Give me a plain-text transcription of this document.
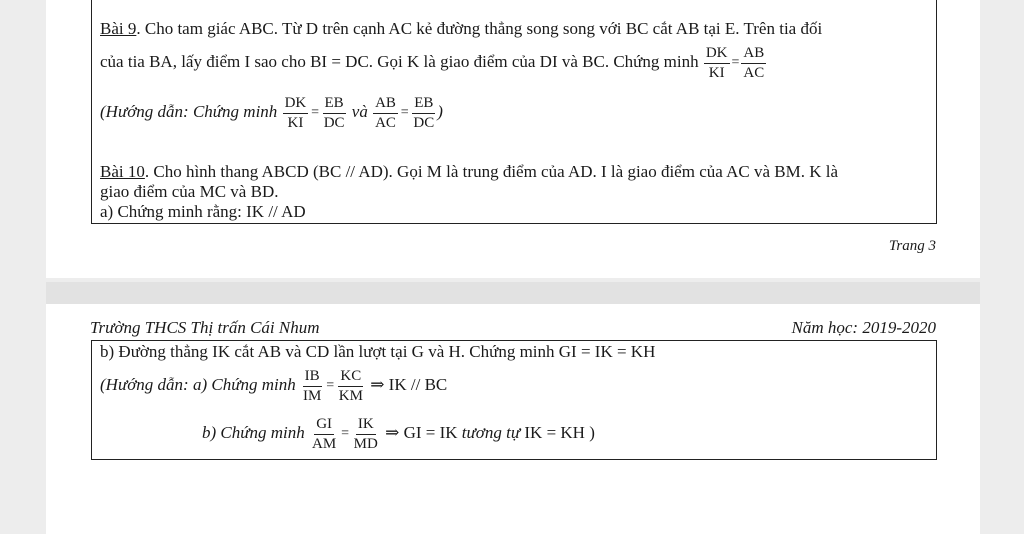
Bài 9. Cho tam giác ABC. Từ D trên cạnh AC kẻ đường thẳng song song với BC cắt AB tại E. Trên tia đối
của tia BA, lấy điểm I sao cho BI = DC. Gọi K là giao điểm của DI và BC. Chứng minh $\frac{DK}{KI} = \frac{AB}{AC}$
(Hướng dẫn: Chứng minh $\frac{DK}{KI} = \frac{EB}{DC}$ và $\frac{AB}{AC} = \frac{EB}{DC}$ )
Bài 10. Cho hình thang ABCD (BC // AD). Gọi M là trung điểm của AD. I là giao điểm của AC và BM. K là
giao điểm của MC và BD.
a) Chứng minh rằng: IK // AD
Trang 3
Trường THCS Thị trấn Cái Nhum	Năm học: 2019-2020
b) Đường thẳng IK cắt AB và CD lần lượt tại G và H. Chứng minh GI = IK = KH
(Hướng dẫn: a) Chứng minh $\frac{IB}{IM} = \frac{KC}{KM}$ ⇒ IK // BC
b) Chứng minh $\frac{GI}{AM} = \frac{IK}{MD}$ ⇒ GI = IK tương tự IK = KH )
